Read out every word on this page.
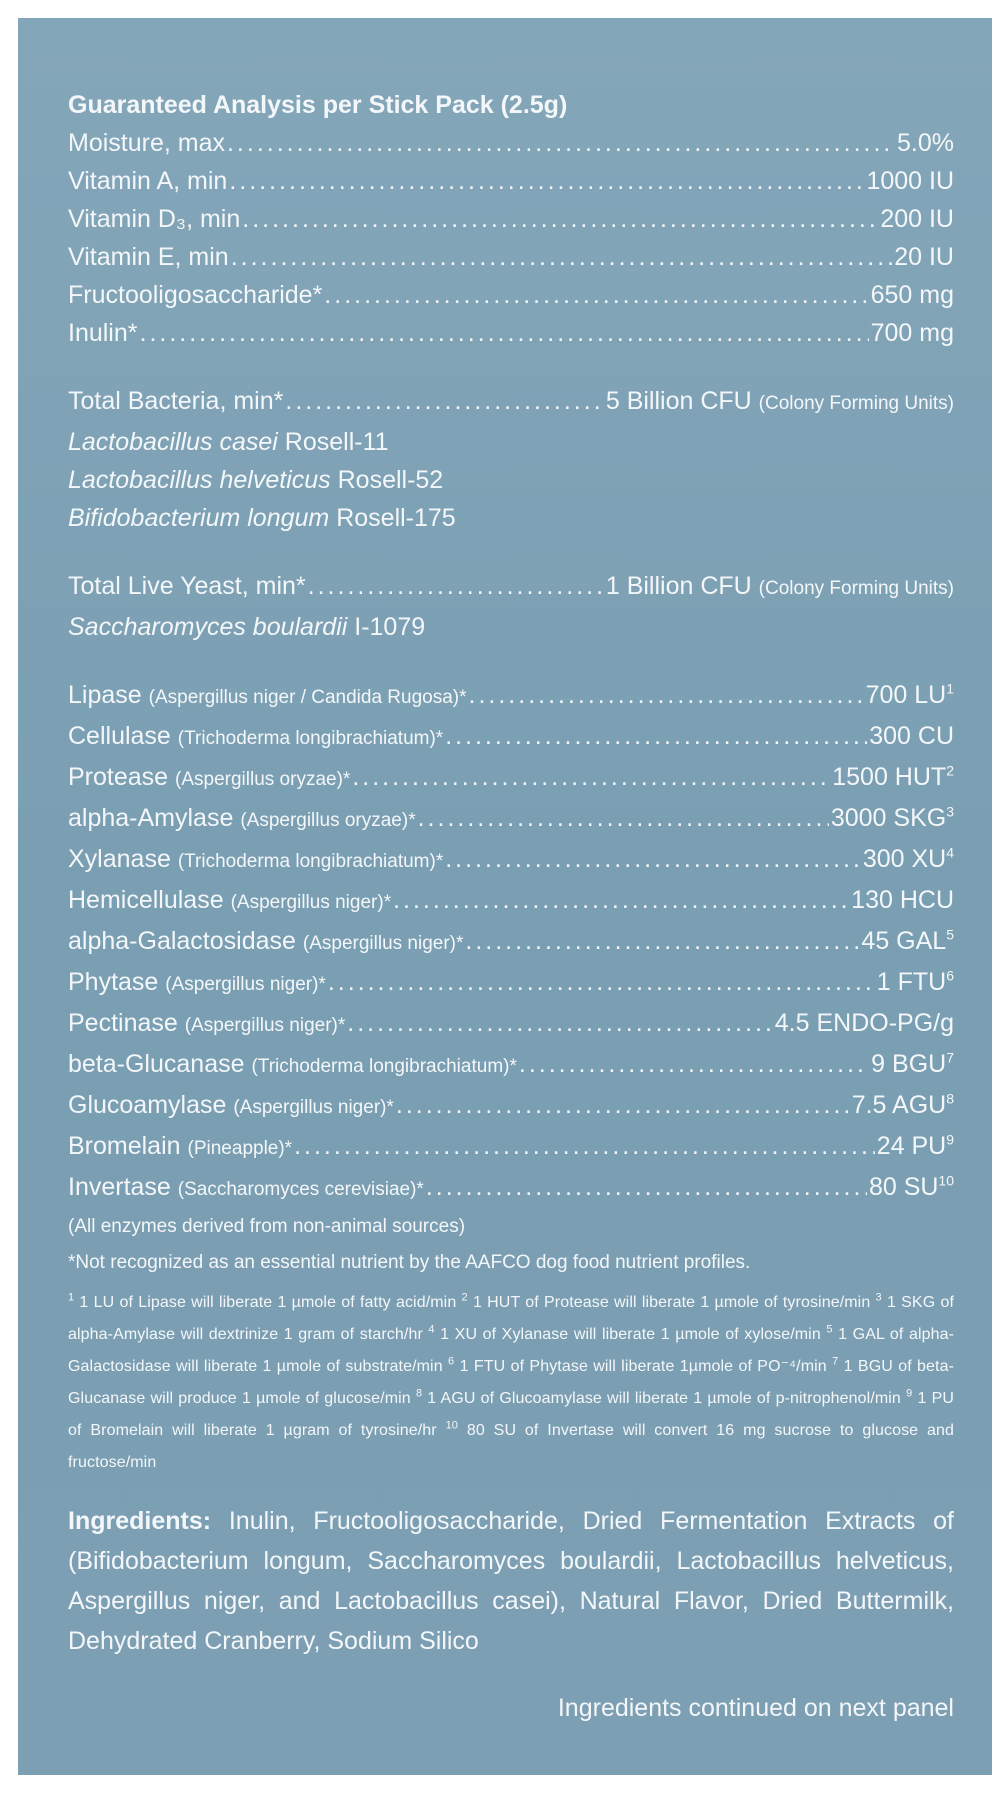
Guaranteed Analysis per Stick Pack (2.5g)
Moisture, max .....	5.0%
Vitamin A, min .....	1000 IU
Vitamin D₃, min .....	200 IU
Vitamin E, min .....	20 IU
Fructooligosaccharide* .....	650 mg
Inulin* .....	700 mg
Total Bacteria, min* .....	5 Billion CFU
(Colony Forming Units)
Lactobacillus casei Rosell-11
Lactobacillus helveticus Rosell-52
Bifidobacterium longum Rosell-175
Total Live Yeast, min* .....	1 Billion CFU
(Colony Forming Units)
Saccharomyces boulardii I-1079
Lipase (Aspergillus niger / Candida Rugosa)* .....	700 $LU^1$
Cellulase (Trichoderma longibrachiatum)* .....	300 CU
Protease (Aspergillus oryzae)* .....	1500 HUT$^2$
alpha-Amylase (Aspergillus oryzae)* .....	3000 SKG$^3$
Xylanase (Trichoderma longibrachiatum)* .....	300 $XU^4$
Hemicellulase (Aspergillus niger)* .....	130 HCU
alpha-Galactosidase (Aspergillus niger)* .....	45 GAL$^5$
Phytase (Aspergillus niger)* .....	1 FTU$^6$
Pectinase (Aspergillus niger)* .....	4.5 ENDO-PG/g
beta-Glucanase (Trichoderma longibrachiatum)* .....	9 BGU$^7$
Glucoamylase (Aspergillus niger)* .....	7.5 AGU$^8$
Bromelain (Pineapple)* .....	24 $PU^9$
Invertase (Saccharomyces cerevisiae)* .....	80 SU$^{10}$
(All enzymes derived from non-animal sources)
*Not recognized as an essential nutrient by the AAFCO dog food nutrient profiles.
$^1$ 1 LU of Lipase will liberate 1 µmole of fatty acid/min $^2$ 1 HUT of Protease will liberate 1 µmole of tyrosine/min $^3$ 1 SKG of alpha-Amylase will dextrinize 1 gram of starch/hr $^4$ 1 XU of Xylanase will liberate 1 µmole of xylose/min $^5$ 1 GAL of alpha-Galactosidase will liberate 1 µmole of substrate/min $^6$ 1 FTU of Phytase will liberate 1µmole of PO⁻⁴/min $^7$ 1 BGU of beta-Glucanase will produce 1 µmole of glucose/min $^8$ 1 AGU of Glucoamylase will liberate 1 µmole of p-nitrophenol/min $^9$ 1 PU of Bromelain will liberate 1 µgram of tyrosine/hr $^{10}$ 80 SU of Invertase will convert 16 mg sucrose to glucose and fructose/min
Ingredients: Inulin, Fructooligosaccharide, Dried Fermentation Extracts of (Bifidobacterium longum, Saccharomyces boulardii, Lactobacillus helveticus, Aspergillus niger, and Lactobacillus casei), Natural Flavor, Dried Buttermilk, Dehydrated Cranberry, Sodium Silico
Ingredients continued on next panel
